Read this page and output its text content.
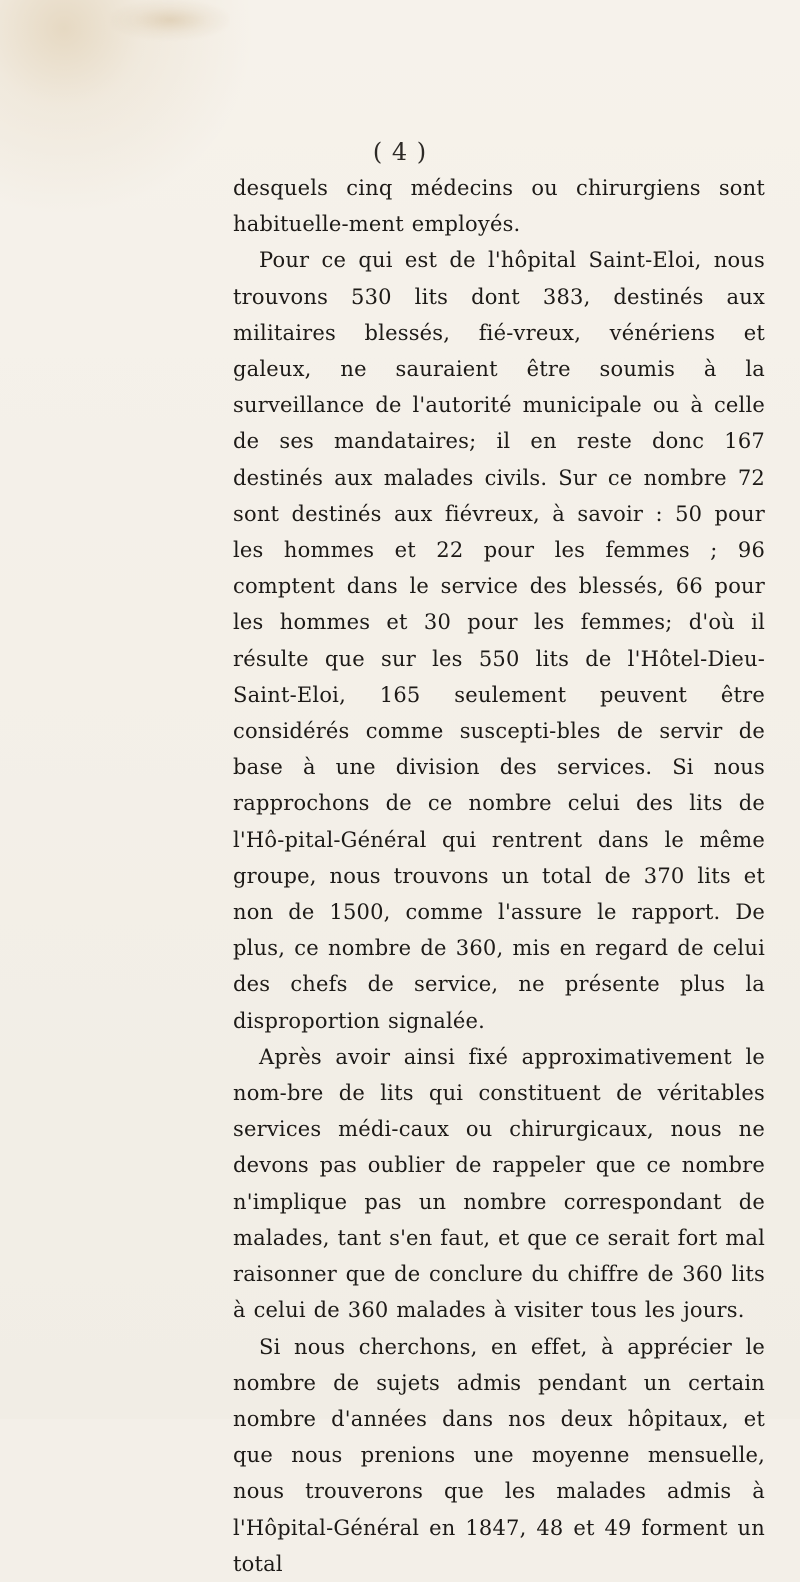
( 4 )

desquels cinq médecins ou chirurgiens sont habituelle-ment employés.

Pour ce qui est de l'hôpital Saint-Eloi, nous trouvons 530 lits dont 383, destinés aux militaires blessés, fié-vreux, vénériens et galeux, ne sauraient être soumis à la surveillance de l'autorité municipale ou à celle de ses mandataires; il en reste donc 167 destinés aux malades civils. Sur ce nombre 72 sont destinés aux fiévreux, à savoir : 50 pour les hommes et 22 pour les femmes ; 96 comptent dans le service des blessés, 66 pour les hommes et 30 pour les femmes; d'où il résulte que sur les 550 lits de l'Hôtel-Dieu-Saint-Eloi, 165 seulement peuvent être considérés comme suscepti-bles de servir de base à une division des services. Si nous rapprochons de ce nombre celui des lits de l'Hô-pital-Général qui rentrent dans le même groupe, nous trouvons un total de 370 lits et non de 1500, comme l'assure le rapport. De plus, ce nombre de 360, mis en regard de celui des chefs de service, ne présente plus la disproportion signalée.

Après avoir ainsi fixé approximativement le nom-bre de lits qui constituent de véritables services médi-caux ou chirurgicaux, nous ne devons pas oublier de rappeler que ce nombre n'implique pas un nombre correspondant de malades, tant s'en faut, et que ce serait fort mal raisonner que de conclure du chiffre de 360 lits à celui de 360 malades à visiter tous les jours.

Si nous cherchons, en effet, à apprécier le nombre de sujets admis pendant un certain nombre d'années dans nos deux hôpitaux, et que nous prenions une moyenne mensuelle, nous trouverons que les malades admis à l'Hôpital-Général en 1847, 48 et 49 forment un total
